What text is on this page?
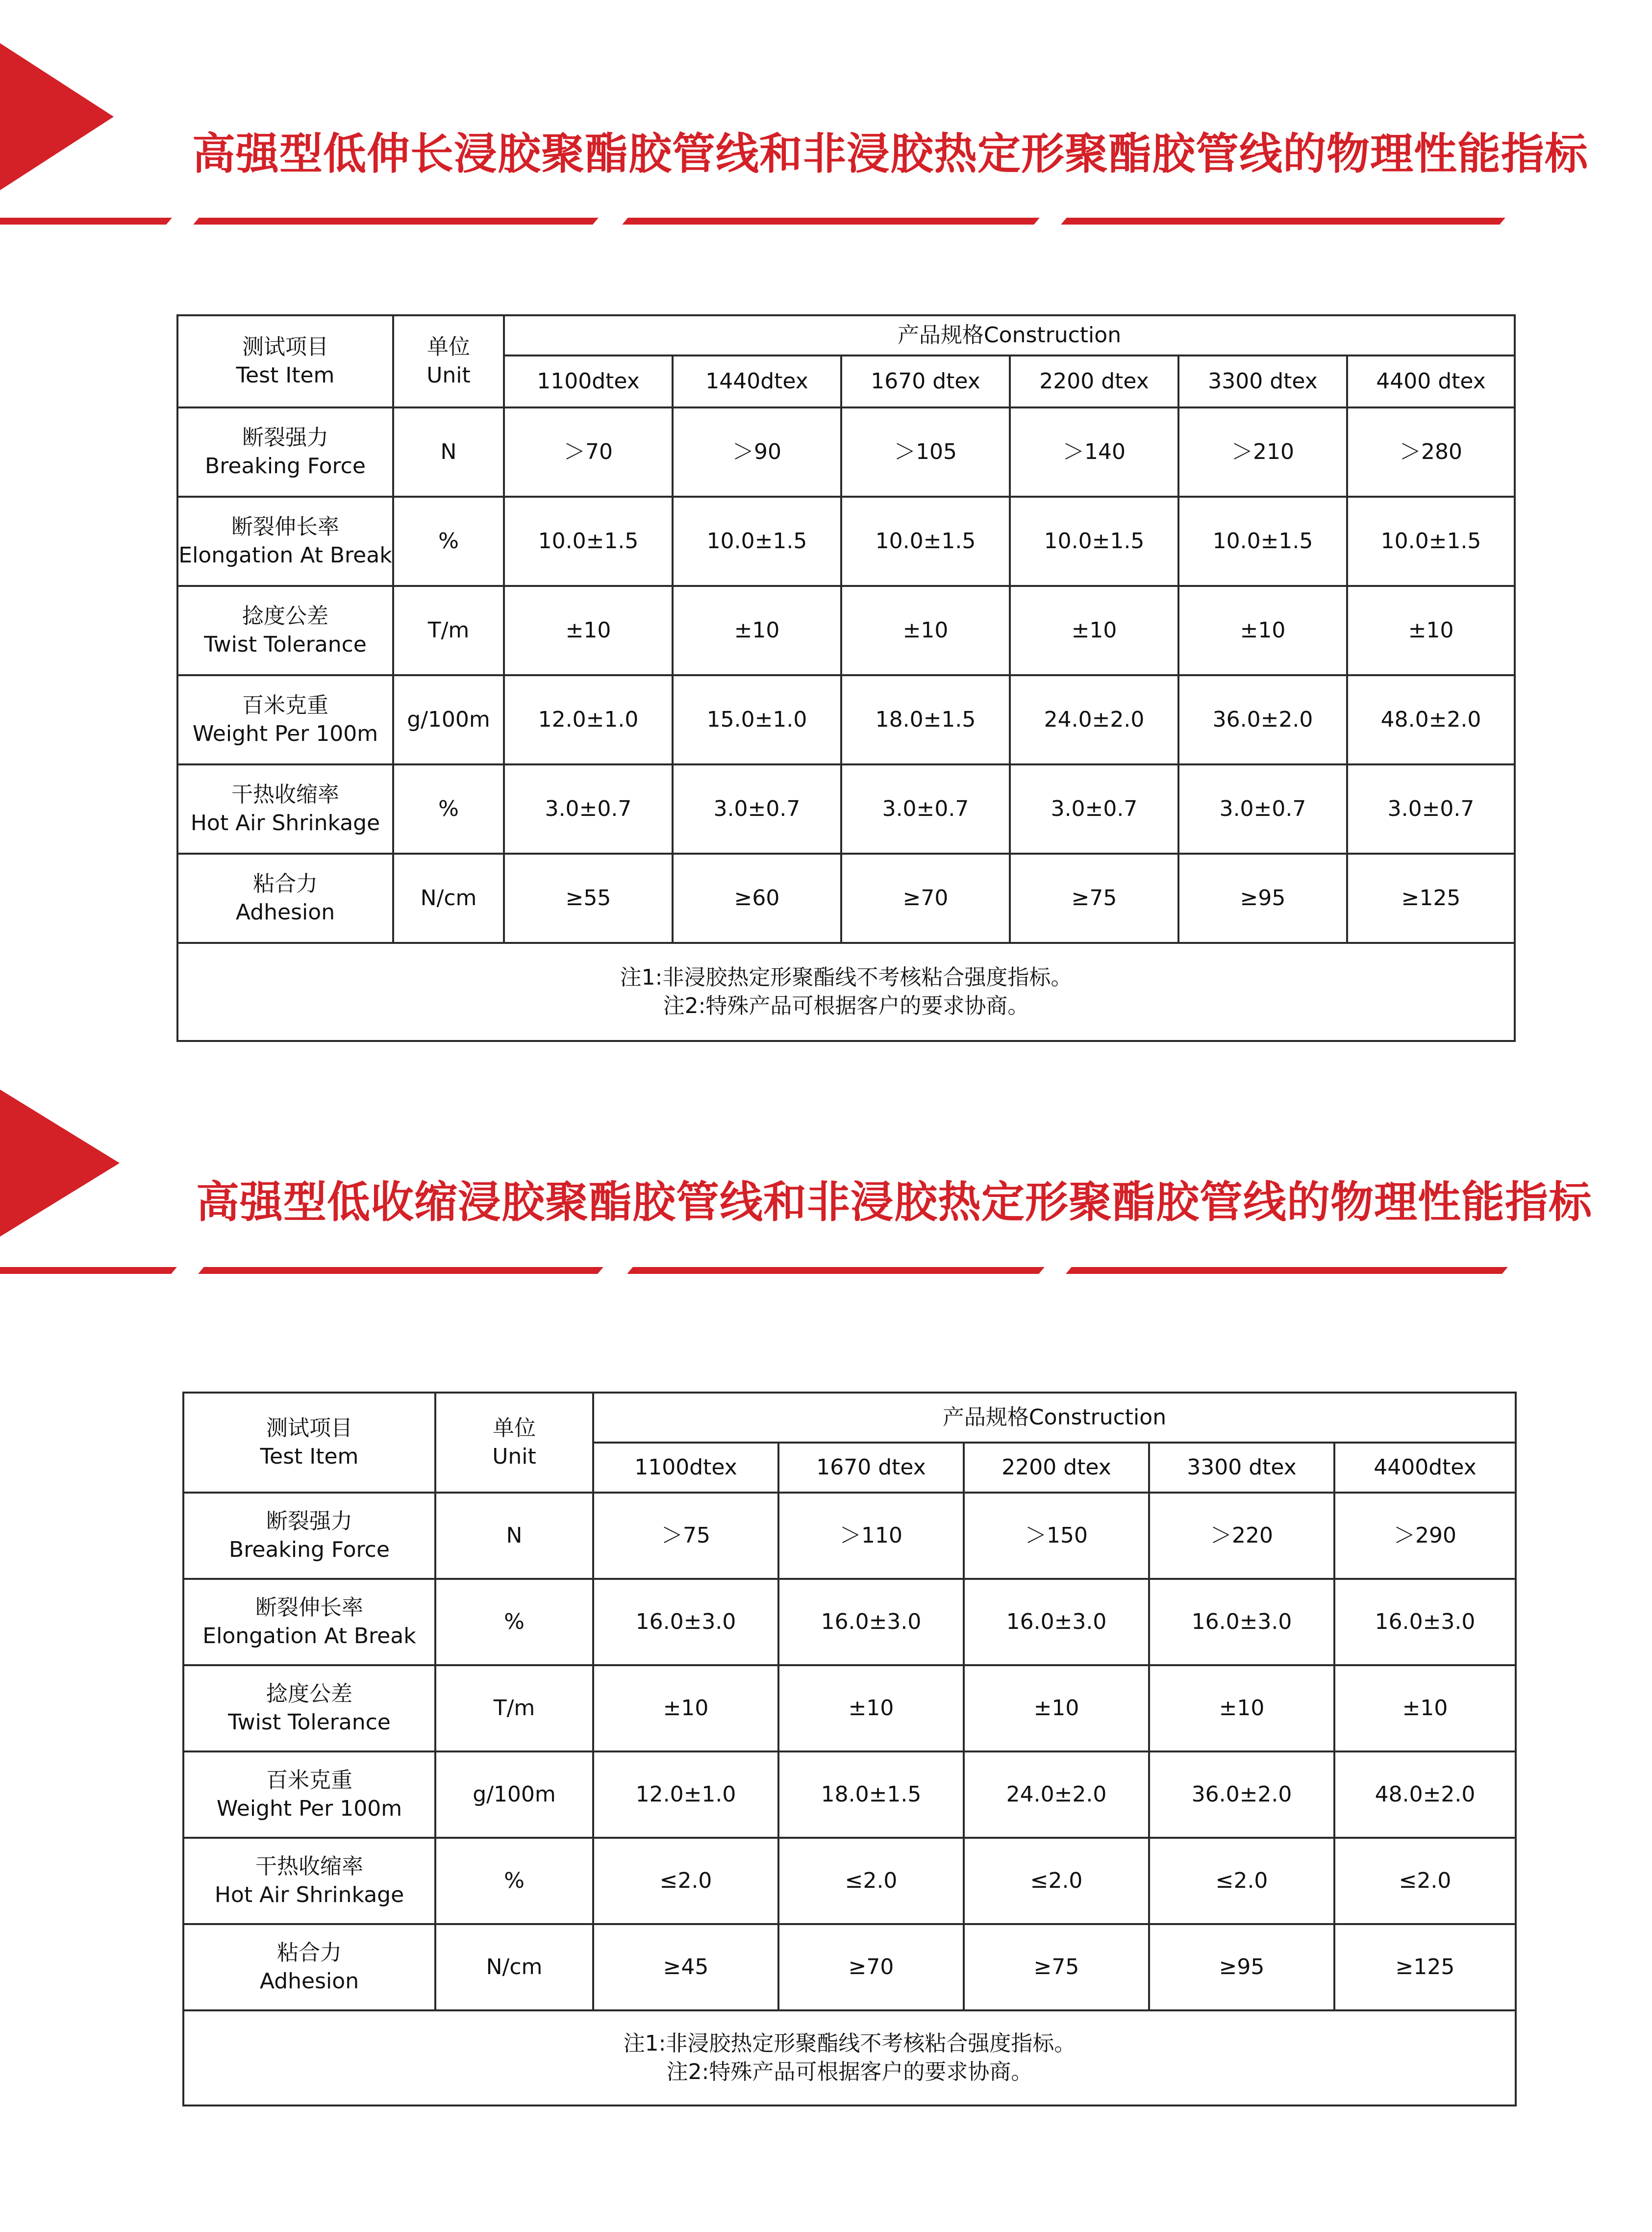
高强型低伸长浸胶聚酯胶管线和非浸胶热定形聚酯胶管线的物理性能指标
测试项目
Test Item	单位
Unit	产品规格Construction					
		1100dtex	1440dtex	1670 dtex	2200 dtex	3300 dtex	4400 dtex

断裂强力
Breaking Force	N	＞70	＞90	＞105	＞140	＞210	＞280

断裂伸长率
Elongation At Break	%	10.0±1.5	10.0±1.5	10.0±1.5	10.0±1.5	10.0±1.5	10.0±1.5

捻度公差
Twist Tolerance	T/m	±10	±10	±10	±10	±10	±10

百米克重
Weight Per 100m	g/100m	12.0±1.0	15.0±1.0	18.0±1.5	24.0±2.0	36.0±2.0	48.0±2.0

干热收缩率
Hot Air Shrinkage	%	3.0±0.7	3.0±0.7	3.0±0.7	3.0±0.7	3.0±0.7	3.0±0.7

粘合力
Adhesion	N/cm	≥55	≥60	≥70	≥75	≥95	≥125

注1:非浸胶热定形聚酯线不考核粘合强度指标。
注2:特殊产品可根据客户的要求协商。							
高强型低收缩浸胶聚酯胶管线和非浸胶热定形聚酯胶管线的物理性能指标
测试项目
Test Item	单位
Unit	产品规格Construction				
		1100dtex	1670 dtex	2200 dtex	3300 dtex	4400dtex

断裂强力
Breaking Force	N	＞75	＞110	＞150	＞220	＞290

断裂伸长率
Elongation At Break	%	16.0±3.0	16.0±3.0	16.0±3.0	16.0±3.0	16.0±3.0

捻度公差
Twist Tolerance	T/m	±10	±10	±10	±10	±10

百米克重
Weight Per 100m	g/100m	12.0±1.0	18.0±1.5	24.0±2.0	36.0±2.0	48.0±2.0

干热收缩率
Hot Air Shrinkage	%	≤2.0	≤2.0	≤2.0	≤2.0	≤2.0

粘合力
Adhesion	N/cm	≥45	≥70	≥75	≥95	≥125

注1:非浸胶热定形聚酯线不考核粘合强度指标。
注2:特殊产品可根据客户的要求协商。						
